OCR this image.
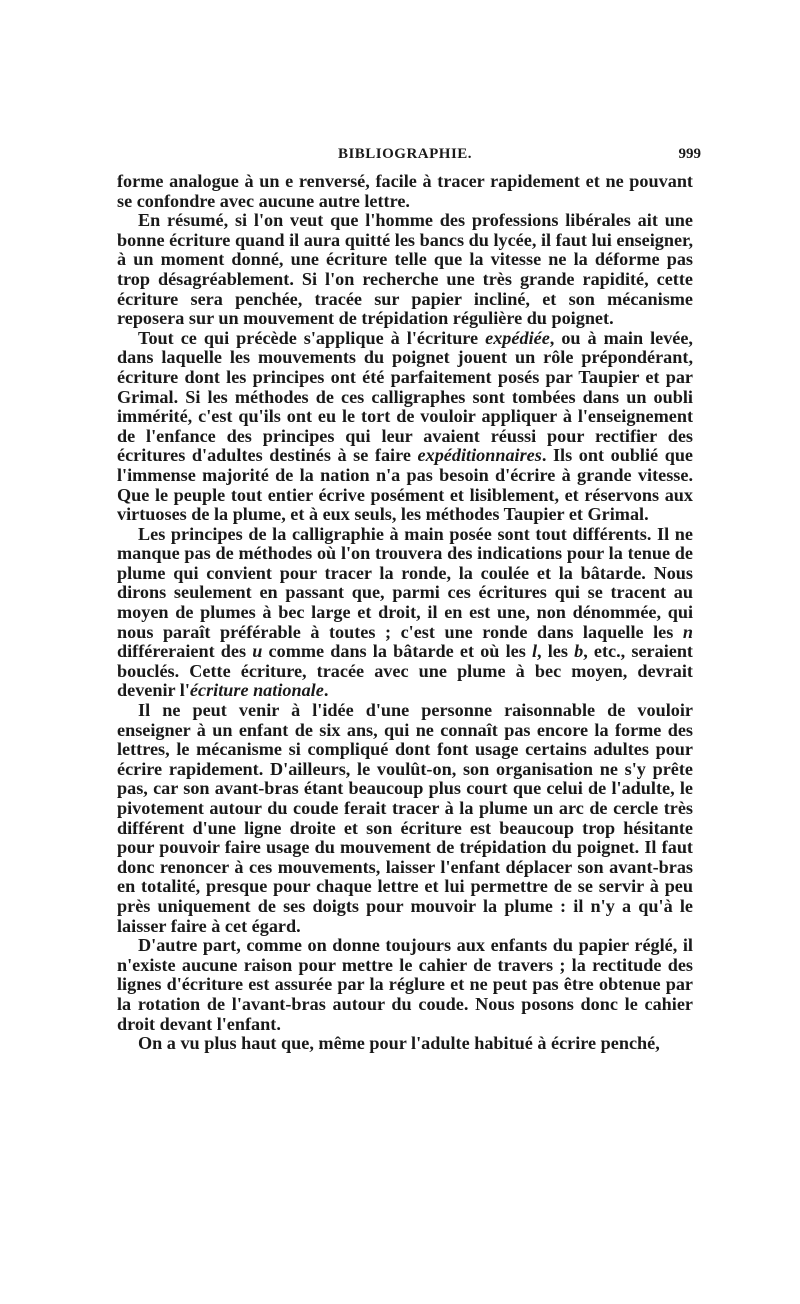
BIBLIOGRAPHIE.	999

forme analogue à un e renversé, facile à tracer rapidement et ne pouvant se confondre avec aucune autre lettre.

En résumé, si l'on veut que l'homme des professions libérales ait une bonne écriture quand il aura quitté les bancs du lycée, il faut lui enseigner, à un moment donné, une écriture telle que la vitesse ne la déforme pas trop désagréablement. Si l'on recherche une très grande rapidité, cette écriture sera penchée, tracée sur papier incliné, et son mécanisme reposera sur un mouvement de trépidation régulière du poignet.

Tout ce qui précède s'applique à l'écriture expédiée, ou à main levée, dans laquelle les mouvements du poignet jouent un rôle prépondérant, écriture dont les principes ont été parfaitement posés par Taupier et par Grimal. Si les méthodes de ces calligraphes sont tombées dans un oubli immérité, c'est qu'ils ont eu le tort de vouloir appliquer à l'enseignement de l'enfance des principes qui leur avaient réussi pour rectifier des écritures d'adultes destinés à se faire expéditionnaires. Ils ont oublié que l'immense majorité de la nation n'a pas besoin d'écrire à grande vitesse. Que le peuple tout entier écrive posément et lisiblement, et réservons aux virtuoses de la plume, et à eux seuls, les méthodes Taupier et Grimal.

Les principes de la calligraphie à main posée sont tout différents. Il ne manque pas de méthodes où l'on trouvera des indications pour la tenue de plume qui convient pour tracer la ronde, la coulée et la bâtarde. Nous dirons seulement en passant que, parmi ces écritures qui se tracent au moyen de plumes à bec large et droit, il en est une, non dénommée, qui nous paraît préférable à toutes ; c'est une ronde dans laquelle les n différeraient des u comme dans la bâtarde et où les l, les b, etc., seraient bouclés. Cette écriture, tracée avec une plume à bec moyen, devrait devenir l'écriture nationale.

Il ne peut venir à l'idée d'une personne raisonnable de vouloir enseigner à un enfant de six ans, qui ne connaît pas encore la forme des lettres, le mécanisme si compliqué dont font usage certains adultes pour écrire rapidement. D'ailleurs, le voulût-on, son organisation ne s'y prête pas, car son avant-bras étant beaucoup plus court que celui de l'adulte, le pivotement autour du coude ferait tracer à la plume un arc de cercle très différent d'une ligne droite et son écriture est beaucoup trop hésitante pour pouvoir faire usage du mouvement de trépidation du poignet. Il faut donc renoncer à ces mouvements, laisser l'enfant déplacer son avant-bras en totalité, presque pour chaque lettre et lui permettre de se servir à peu près uniquement de ses doigts pour mouvoir la plume : il n'y a qu'à le laisser faire à cet égard.

D'autre part, comme on donne toujours aux enfants du papier réglé, il n'existe aucune raison pour mettre le cahier de travers ; la rectitude des lignes d'écriture est assurée par la réglure et ne peut pas être obtenue par la rotation de l'avant-bras autour du coude. Nous posons donc le cahier droit devant l'enfant.

On a vu plus haut que, même pour l'adulte habitué à écrire penché,
